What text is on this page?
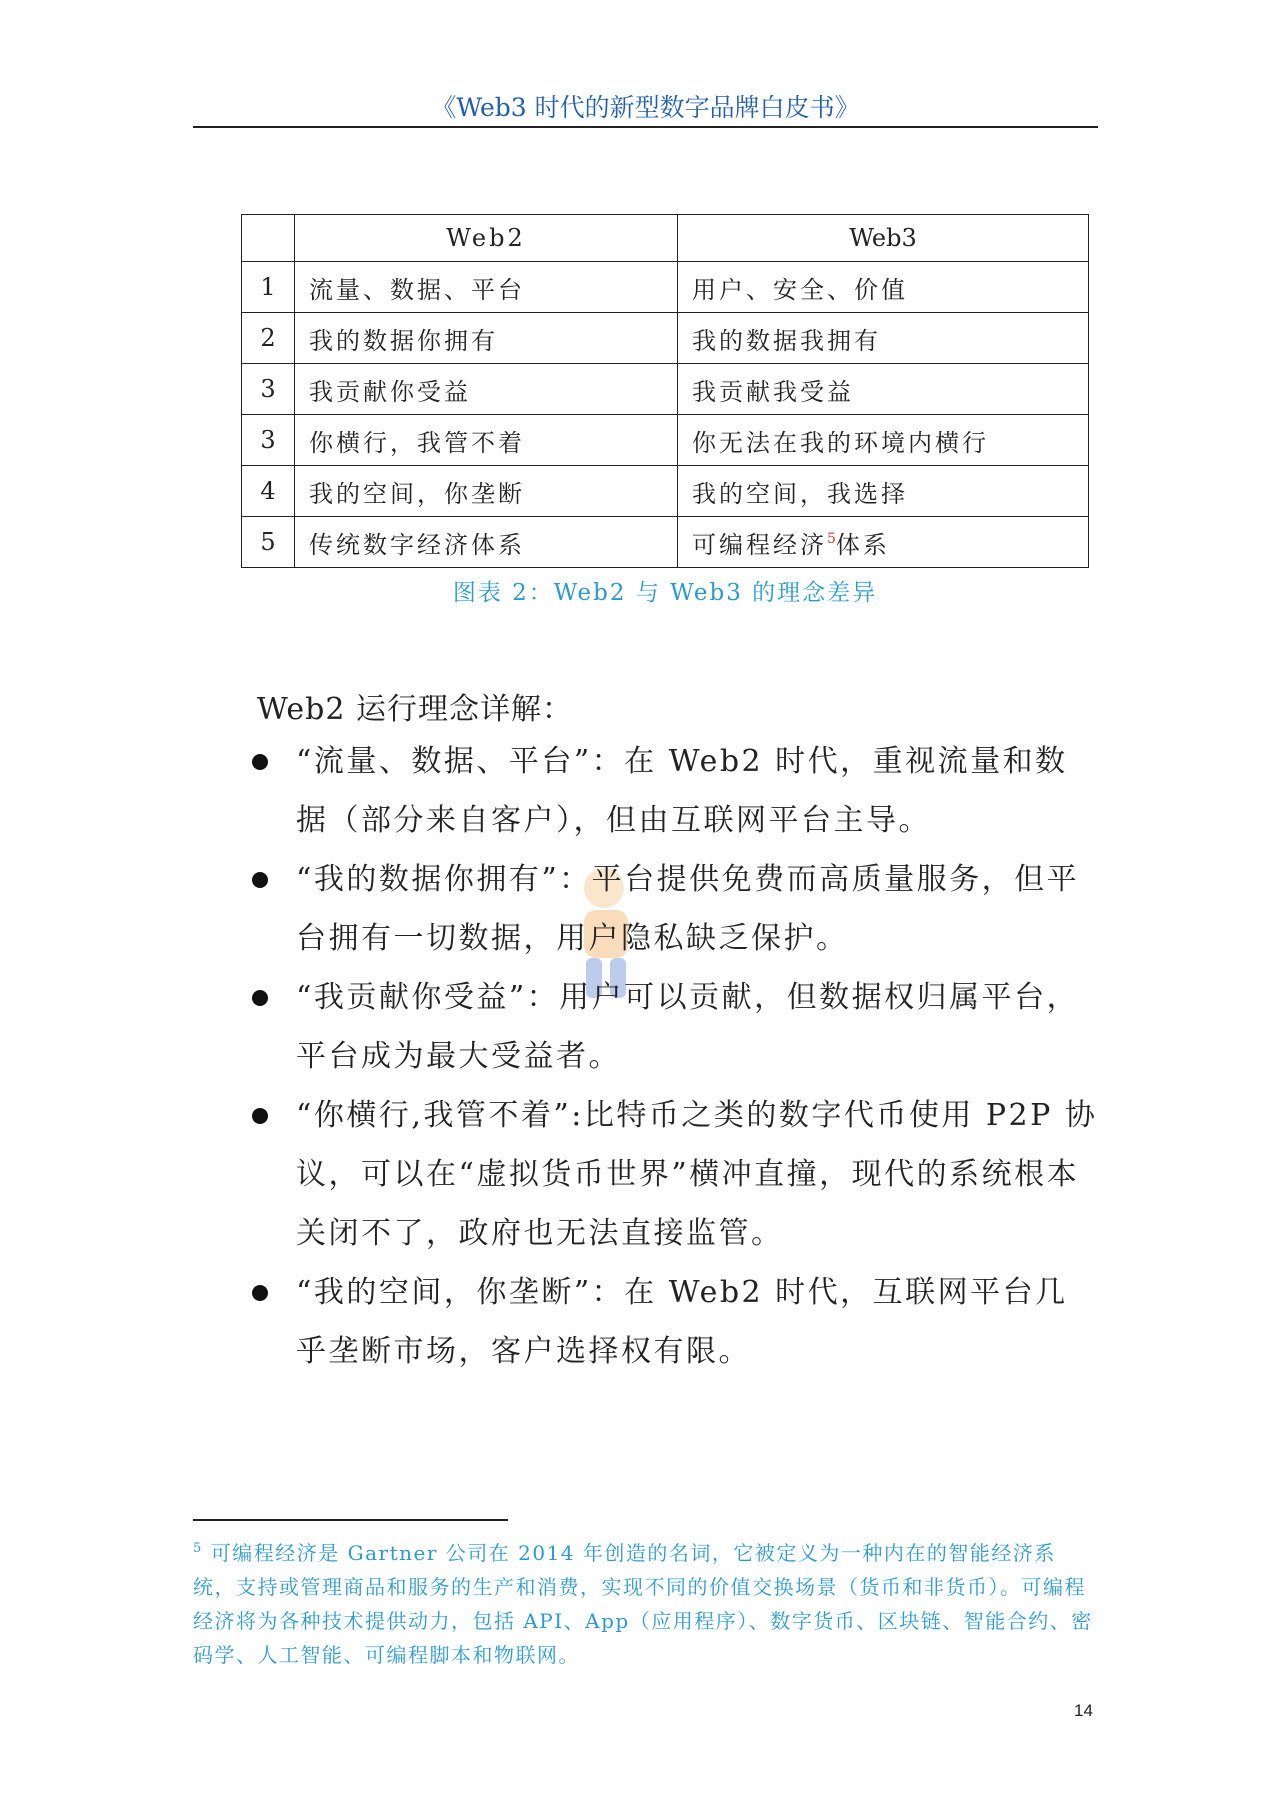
《Web3 时代的新型数字品牌白皮书》
	Web2	Web3
1	流量、数据、平台	用户、安全、价值
2	我的数据你拥有	我的数据我拥有
3	我贡献你受益	我贡献我受益
3	你横行，我管不着	你无法在我的环境内横行
4	我的空间，你垄断	我的空间，我选择
5	传统数字经济体系	可编程经济$^5$体系
图表 2：Web2 与 Web3 的理念差异
Web2 运行理念详解：
“流量、数据、平台”：在 Web2 时代，重视流量和数据（部分来自客户），但由互联网平台主导。
“我的数据你拥有”：平台提供免费而高质量服务，但平台拥有一切数据，用户隐私缺乏保护。
“我贡献你受益”：用户可以贡献，但数据权归属平台，平台成为最大受益者。
“你横行,我管不着”:比特币之类的数字代币使用 P2P 协议，可以在“虚拟货币世界”横冲直撞，现代的系统根本关闭不了，政府也无法直接监管。
“我的空间，你垄断”：在 Web2 时代，互联网平台几乎垄断市场，客户选择权有限。
$^5$ 可编程经济是 Gartner 公司在 2014 年创造的名词，它被定义为一种内在的智能经济系统，支持或管理商品和服务的生产和消费，实现不同的价值交换场景（货币和非货币）。可编程经济将为各种技术提供动力，包括 API、App（应用程序）、数字货币、区块链、智能合约、密码学、人工智能、可编程脚本和物联网。
14
